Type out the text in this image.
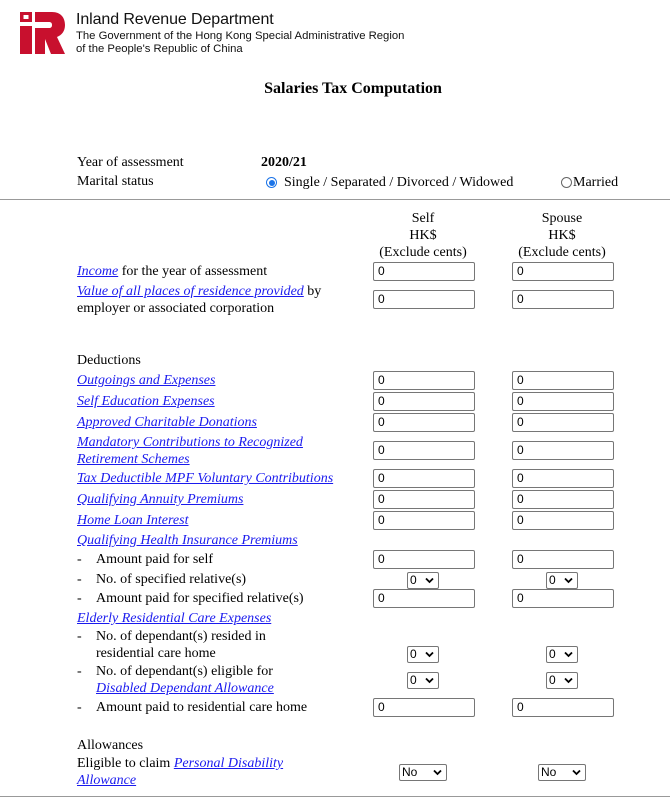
Inland Revenue Department
The Government of the Hong Kong Special Administrative Region
of the People's Republic of China
Salaries Tax Computation
Year of assessment	2020/21
Marital status	Single / Separated / Divorced / Widowed	Married
Self
HK$
(Exclude cents)
Spouse
HK$
(Exclude cents)
Income for the year of assessment	0	0
Value of all places of residence provided by
employer or associated corporation
0	0
Deductions
Outgoings and Expenses	0	0
Self Education Expenses	0	0
Approved Charitable Donations	0	0
Mandatory Contributions to Recognized
Retirement Schemes
0	0
Tax Deductible MPF Voluntary Contributions	0	0
Qualifying Annuity Premiums	0	0
Home Loan Interest	0	0
Qualifying Health Insurance Premiums
- Amount paid for self	0	0
- No. of specified relative(s)	0	0
- Amount paid for specified relative(s)	0	0
Elderly Residential Care Expenses
- No. of dependant(s) resided in
residential care home	0	0
- No. of dependant(s) eligible for
Disabled Dependant Allowance
0	0
- Amount paid to residential care home	0	0
Allowances
Eligible to claim Personal Disability
Allowance
No	No
